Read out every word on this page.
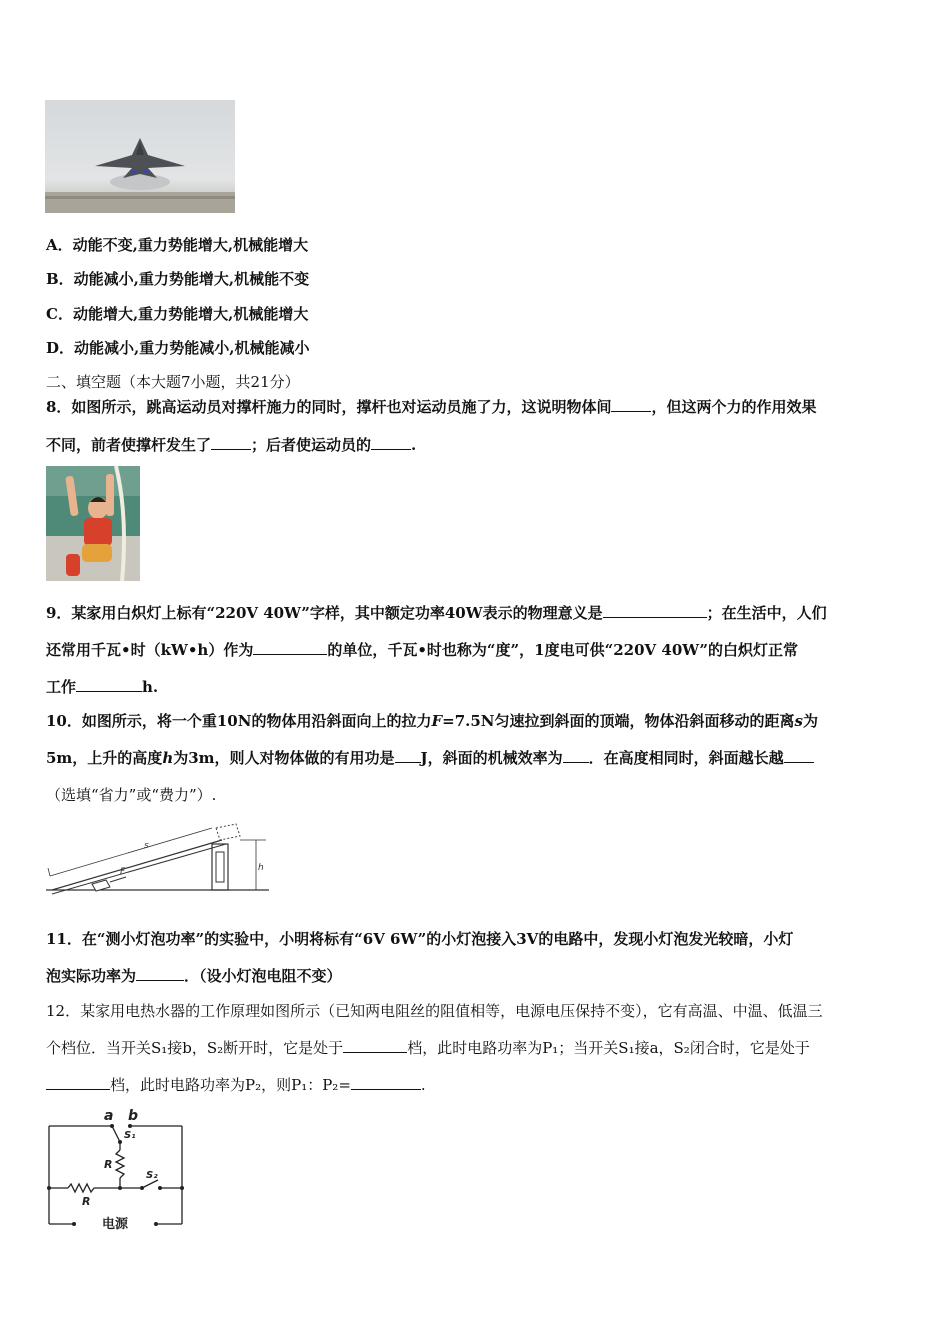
A．动能不变,重力势能增大,机械能增大
B．动能减小,重力势能增大,机械能不变
C．动能增大,重力势能增大,机械能增大
D．动能减小,重力势能减小,机械能减小
二、填空题（本大题7小题，共21分）
8．如图所示，跳高运动员对撑杆施力的同时，撑杆也对运动员施了力，这说明物体间	，但这两个力的作用效果
不同，前者使撑杆发生了	；后者使运动员的	.
9．某家用白炽灯上标有“220V 40W”字样，其中额定功率40W表示的物理意义是	；在生活中，人们
还常用千瓦•时（kW•h）作为	的单位，千瓦•时也称为“度”，1度电可供“220V 40W”的白炽灯正常
工作	h.
10．如图所示，将一个重10N的物体用沿斜面向上的拉力F=7.5N匀速拉到斜面的顶端，物体沿斜面移动的距离s为
5m，上升的高度h为3m，则人对物体做的有用功是 J，斜面的机械效率为 ．在高度相同时，斜面越长越
（选填“省力”或“费力”）.
s
F	h
11．在“测小灯泡功率”的实验中，小明将标有“6V 6W”的小灯泡接入3V的电路中，发现小灯泡发光较暗，小灯
泡实际功率为	．（设小灯泡电阻不变）
12．某家用电热水器的工作原理如图所示（已知两电阻丝的阻值相等，电源电压保持不变），它有高温、中温、低温三
个档位．当开关S₁接b，S₂断开时，它是处于	档，此时电路功率为P₁；当开关S₁接a，S₂闭合时，它是处于
档，此时电路功率为P₂，则P₁：P₂=	.
a b
S₁
R
S₂
R
电源
